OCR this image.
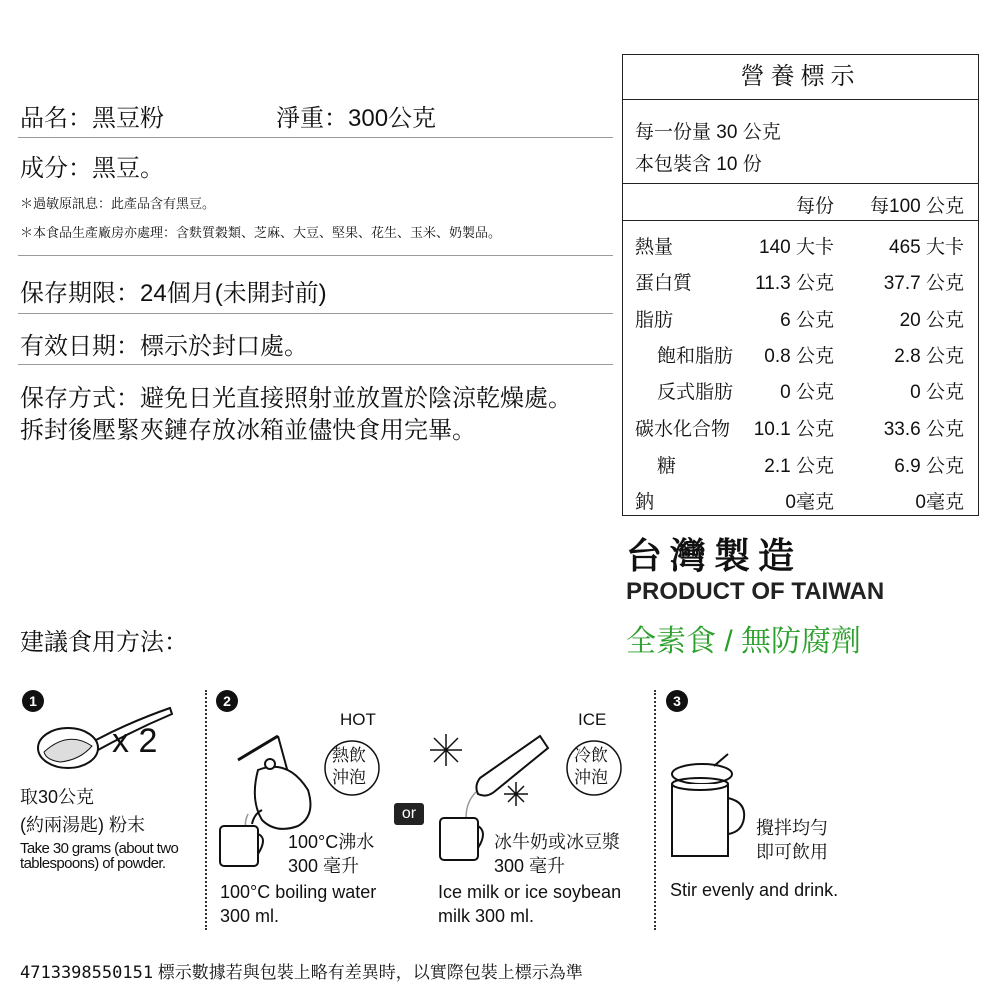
品名：黑豆粉	淨重：300公克
成分：黑豆。
＊過敏原訊息：此產品含有黑豆。
＊本食品生產廠房亦處理：含麩質穀類、芝麻、大豆、堅果、花生、玉米、奶製品。
保存期限：24個月(未開封前)
有效日期：標示於封口處。
保存方式：避免日光直接照射並放置於陰涼乾燥處。
拆封後壓緊夾鏈存放冰箱並儘快食用完畢。
營養標示
每一份量 30 公克
本包裝含 10 份
每份 每100 公克
熱量	140 大卡	465 大卡
蛋白質	11.3 公克	37.7 公克
脂肪	6 公克	20 公克
飽和脂肪 0.8 公克	2.8 公克
反式脂肪 0 公克	0 公克
碳水化合物 10.1 公克	33.6 公克
糖	2.1 公克	6.9 公克
鈉	0毫克	0毫克
台灣製造
PRODUCT OF TAIWAN
全素食 / 無防腐劑
建議食用方法：
1
x 2
取30公克
(約兩湯匙) 粉末
Take 30 grams (about two tablespoons) of powder.
2
HOT
熱飲
沖泡
100°C沸水
300 毫升
100°C boiling water
300 ml.
or
ICE
冷飲
沖泡
冰牛奶或冰豆漿
300 毫升
Ice milk or ice soybean
milk 300 ml.
3
攪拌均勻
即可飲用
Stir evenly and drink.
4713398550151 標示數據若與包裝上略有差異時，以實際包裝上標示為準
